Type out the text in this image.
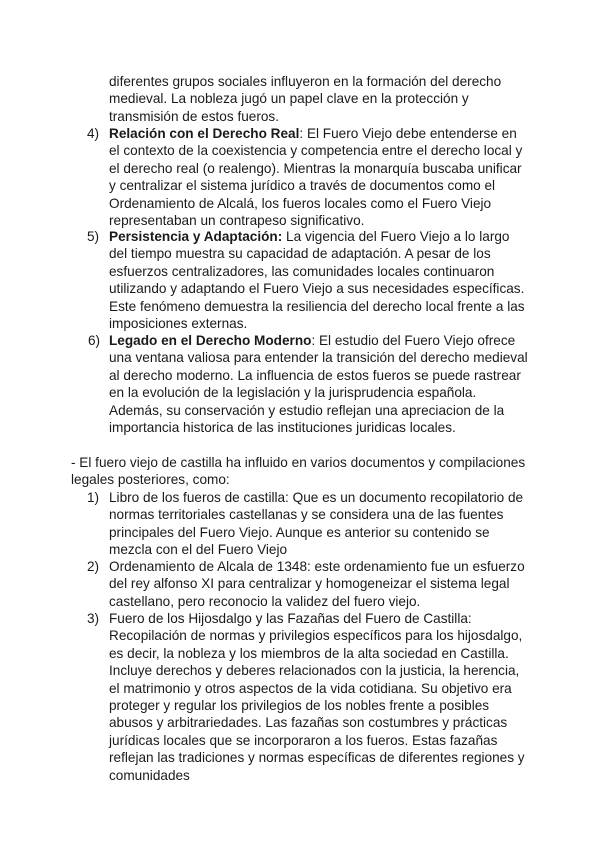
diferentes grupos sociales influyeron en la formación del derecho medieval. La nobleza jugó un papel clave en la protección y transmisión de estos fueros.

4) Relación con el Derecho Real: El Fuero Viejo debe entenderse en el contexto de la coexistencia y competencia entre el derecho local y el derecho real (o realengo). Mientras la monarquía buscaba unificar y centralizar el sistema jurídico a través de documentos como el Ordenamiento de Alcalá, los fueros locales como el Fuero Viejo representaban un contrapeso significativo.
5) Persistencia y Adaptación: La vigencia del Fuero Viejo a lo largo del tiempo muestra su capacidad de adaptación. A pesar de los esfuerzos centralizadores, las comunidades locales continuaron utilizando y adaptando el Fuero Viejo a sus necesidades específicas. Este fenómeno demuestra la resiliencia del derecho local frente a las imposiciones externas.
6) Legado en el Derecho Moderno: El estudio del Fuero Viejo ofrece una ventana valiosa para entender la transición del derecho medieval al derecho moderno. La influencia de estos fueros se puede rastrear en la evolución de la legislación y la jurisprudencia española. Además, su conservación y estudio reflejan una apreciacion de la importancia historica de las instituciones juridicas locales.

- El fuero viejo de castilla ha influido en varios documentos y compilaciones legales posteriores, como:

1) Libro de los fueros de castilla: Que es un documento recopilatorio de normas territoriales castellanas y se considera una de las fuentes principales del Fuero Viejo. Aunque es anterior su contenido se mezcla con el del Fuero Viejo
2) Ordenamiento de Alcala de 1348: este ordenamiento fue un esfuerzo del rey alfonso XI para centralizar y homogeneizar el sistema legal castellano, pero reconocio la validez del fuero viejo.
3) Fuero de los Hijosdalgo y las Fazañas del Fuero de Castilla: Recopilación de normas y privilegios específicos para los hijosdalgo, es decir, la nobleza y los miembros de la alta sociedad en Castilla. Incluye derechos y deberes relacionados con la justicia, la herencia, el matrimonio y otros aspectos de la vida cotidiana. Su objetivo era proteger y regular los privilegios de los nobles frente a posibles abusos y arbitrariedades. Las fazañas son costumbres y prácticas jurídicas locales que se incorporaron a los fueros. Estas fazañas reflejan las tradiciones y normas específicas de diferentes regiones y comunidades
